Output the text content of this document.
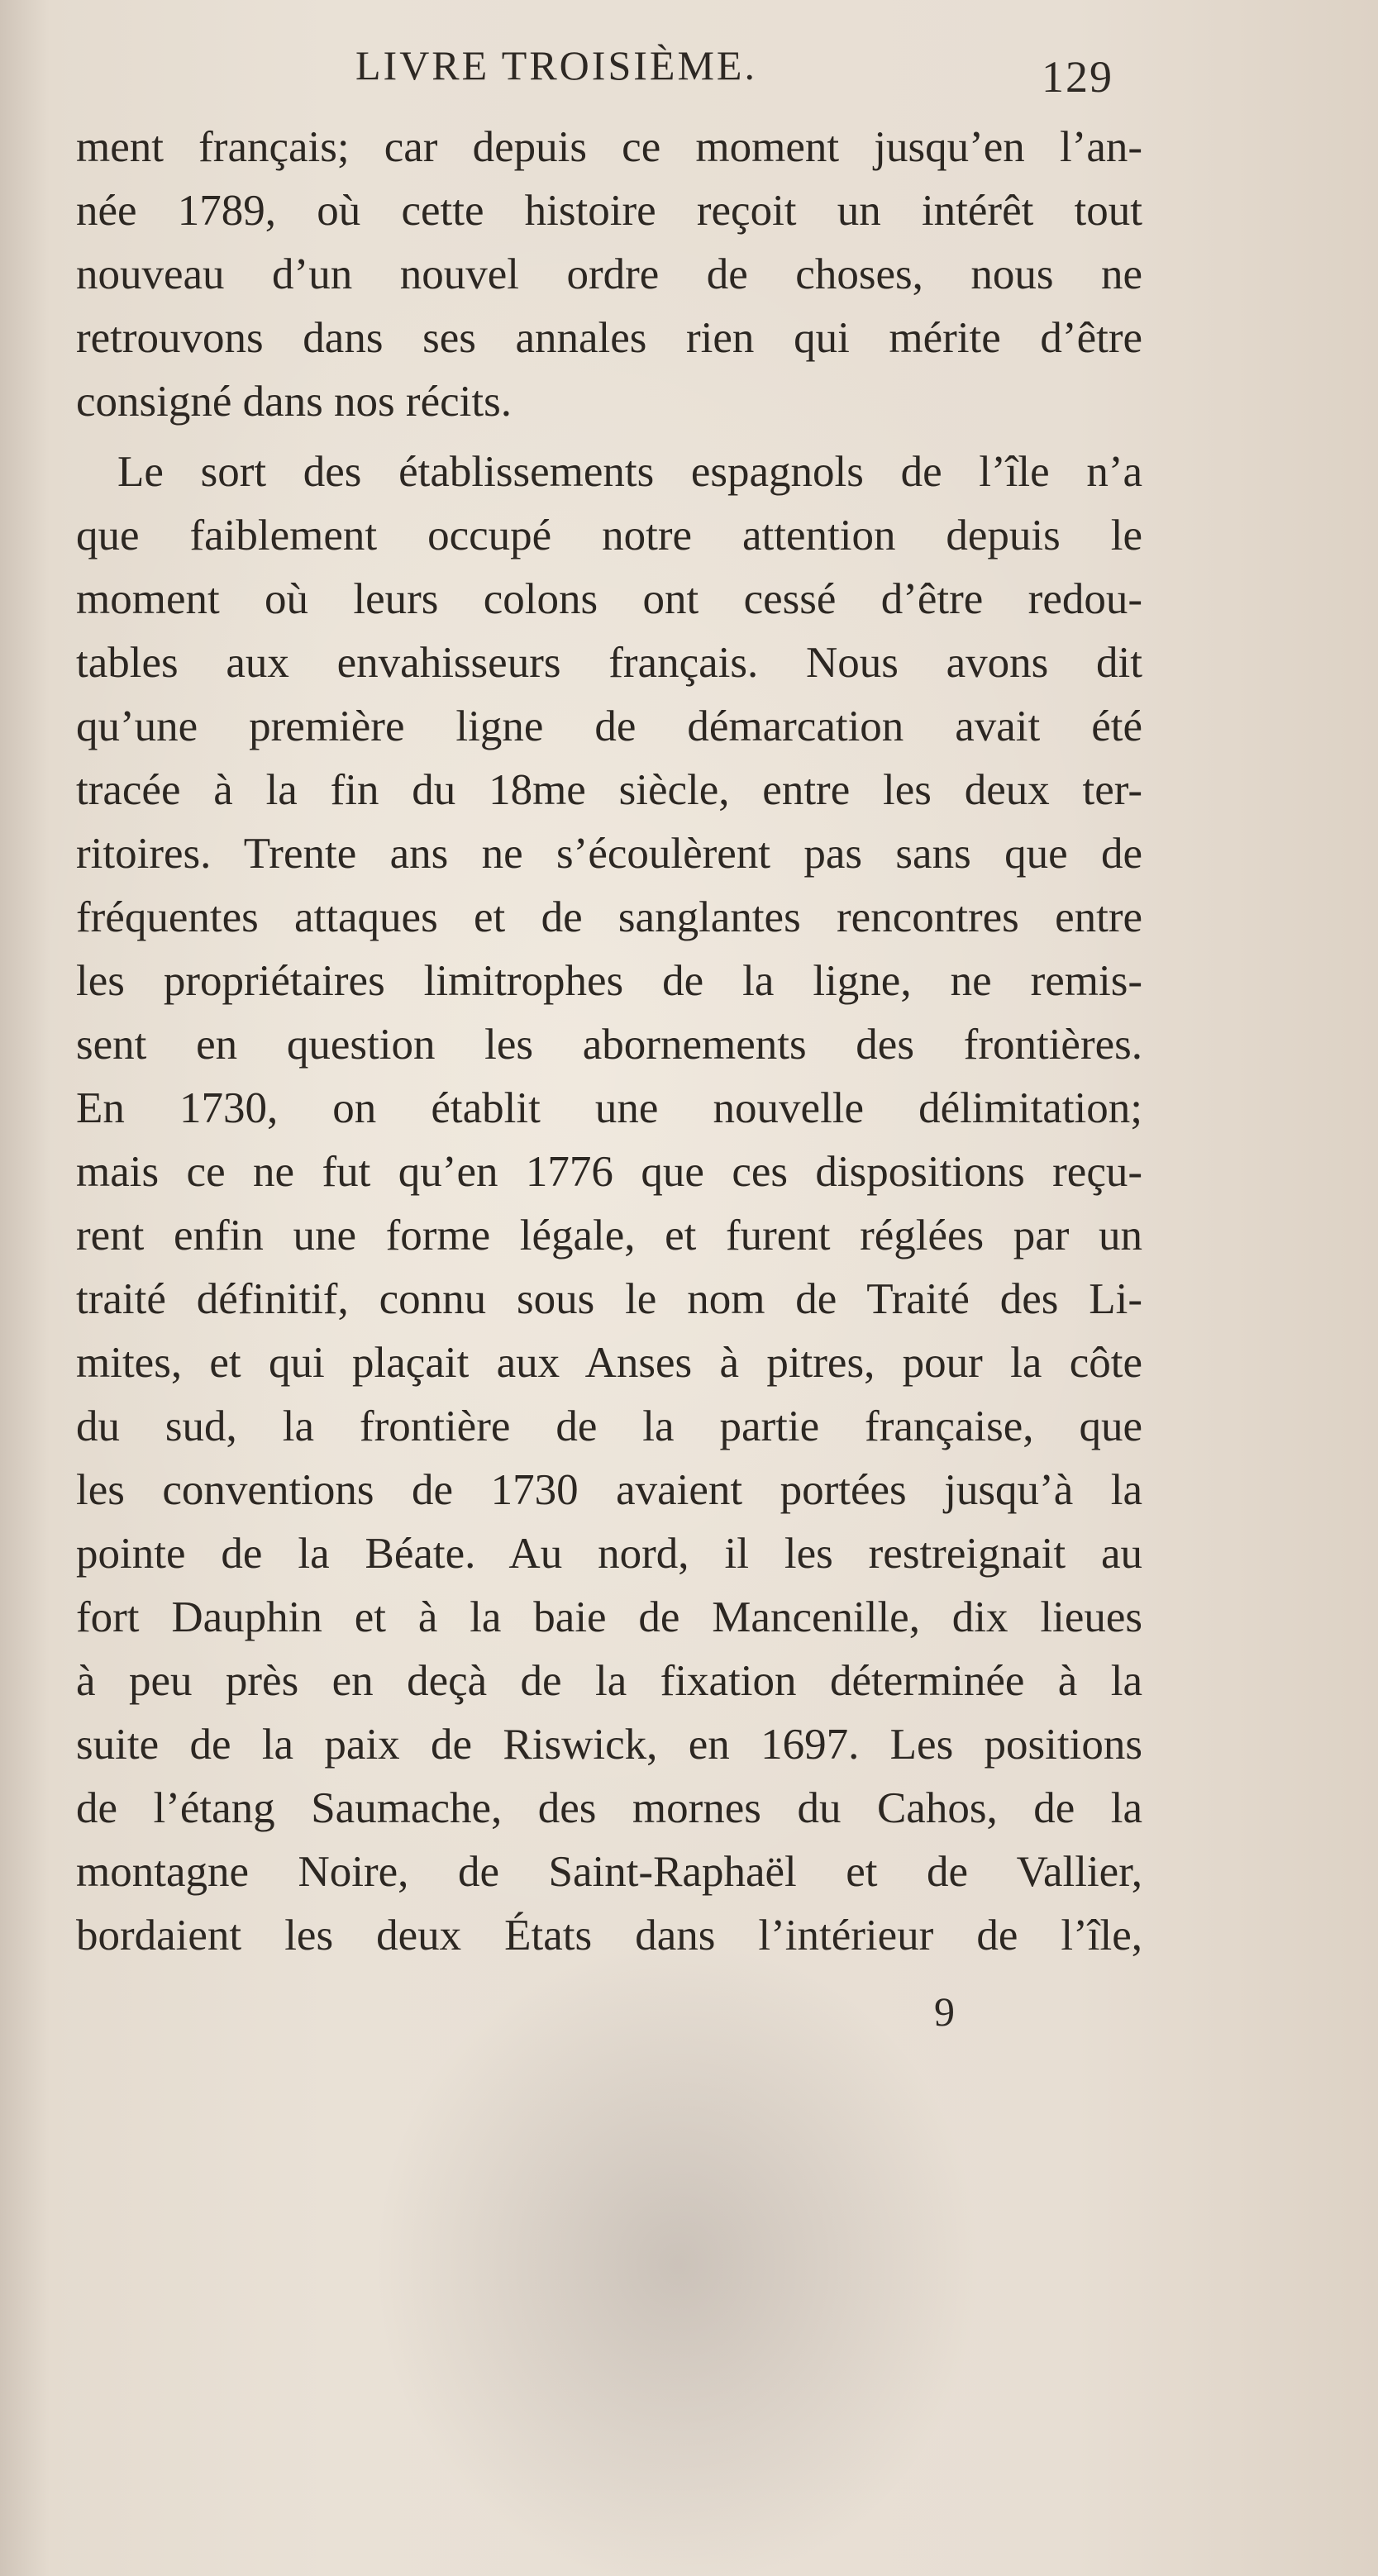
LIVRE TROISIÈME.	129
ment français; car depuis ce moment jusqu’en l’an-
née 1789, où cette histoire reçoit un intérêt tout
nouveau d’un nouvel ordre de choses, nous ne
retrouvons dans ses annales rien qui mérite d’être
consigné dans nos récits.
Le sort des établissements espagnols de l’île n’a
que faiblement occupé notre attention depuis le
moment où leurs colons ont cessé d’être redou-
tables aux envahisseurs français. Nous avons dit
qu’une première ligne de démarcation avait été
tracée à la fin du 18me siècle, entre les deux ter-
ritoires. Trente ans ne s’écoulèrent pas sans que de
fréquentes attaques et de sanglantes rencontres entre
les propriétaires limitrophes de la ligne, ne remis-
sent en question les abornements des frontières.
En 1730, on établit une nouvelle délimitation;
mais ce ne fut qu’en 1776 que ces dispositions reçu-
rent enfin une forme légale, et furent réglées par un
traité définitif, connu sous le nom de Traité des Li-
mites, et qui plaçait aux Anses à pitres, pour la côte
du sud, la frontière de la partie française, que
les conventions de 1730 avaient portées jusqu’à la
pointe de la Béate. Au nord, il les restreignait au
fort Dauphin et à la baie de Mancenille, dix lieues
à peu près en deçà de la fixation déterminée à la
suite de la paix de Riswick, en 1697. Les positions
de l’étang Saumache, des mornes du Cahos, de la
montagne Noire, de Saint-Raphaël et de Vallier,
bordaient les deux États dans l’intérieur de l’île,
9
